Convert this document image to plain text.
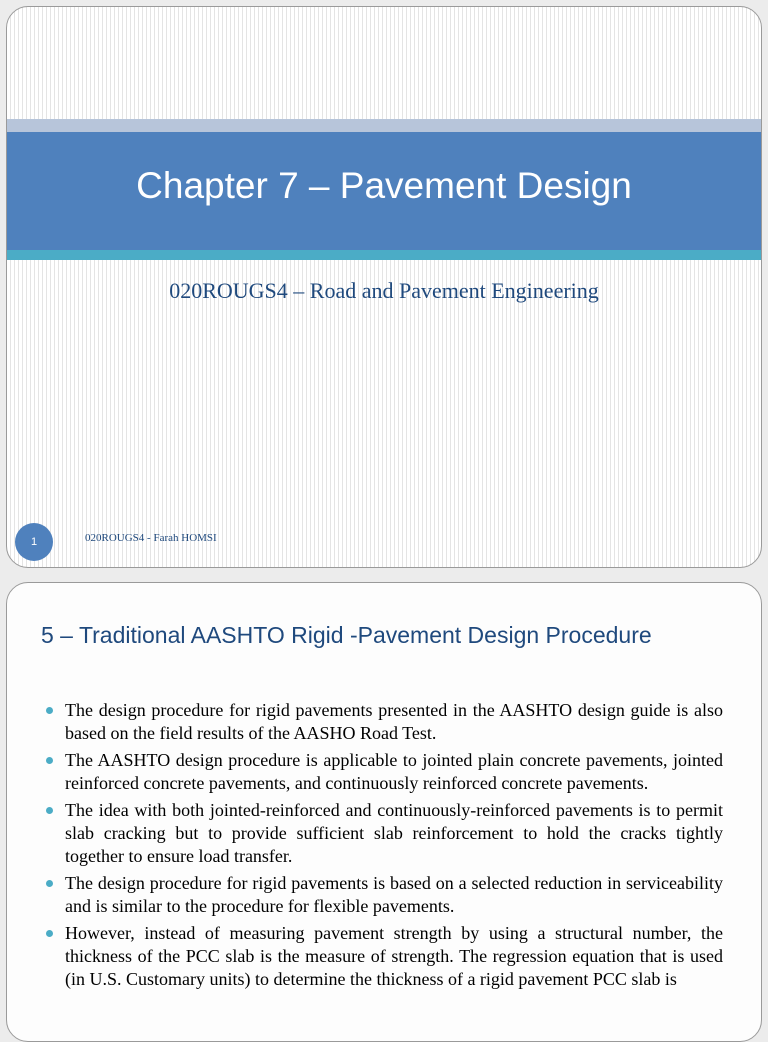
Chapter 7 – Pavement Design

020ROUGS4 – Road and Pavement Engineering

1	020ROUGS4 - Farah HOMSI
5 – Traditional AASHTO Rigid -Pavement Design Procedure
The design procedure for rigid pavements presented in the AASHTO design guide is also based on the field results of the AASHO Road Test.
The AASHTO design procedure is applicable to jointed plain concrete pavements, jointed reinforced concrete pavements, and continuously reinforced concrete pavements.
The idea with both jointed-reinforced and continuously-reinforced pavements is to permit slab cracking but to provide sufficient slab reinforcement to hold the cracks tightly together to ensure load transfer.
The design procedure for rigid pavements is based on a selected reduction in serviceability and is similar to the procedure for flexible pavements.
However, instead of measuring pavement strength by using a structural number, the thickness of the PCC slab is the measure of strength. The regression equation that is used (in U.S. Customary units) to determine the thickness of a rigid pavement PCC slab is
